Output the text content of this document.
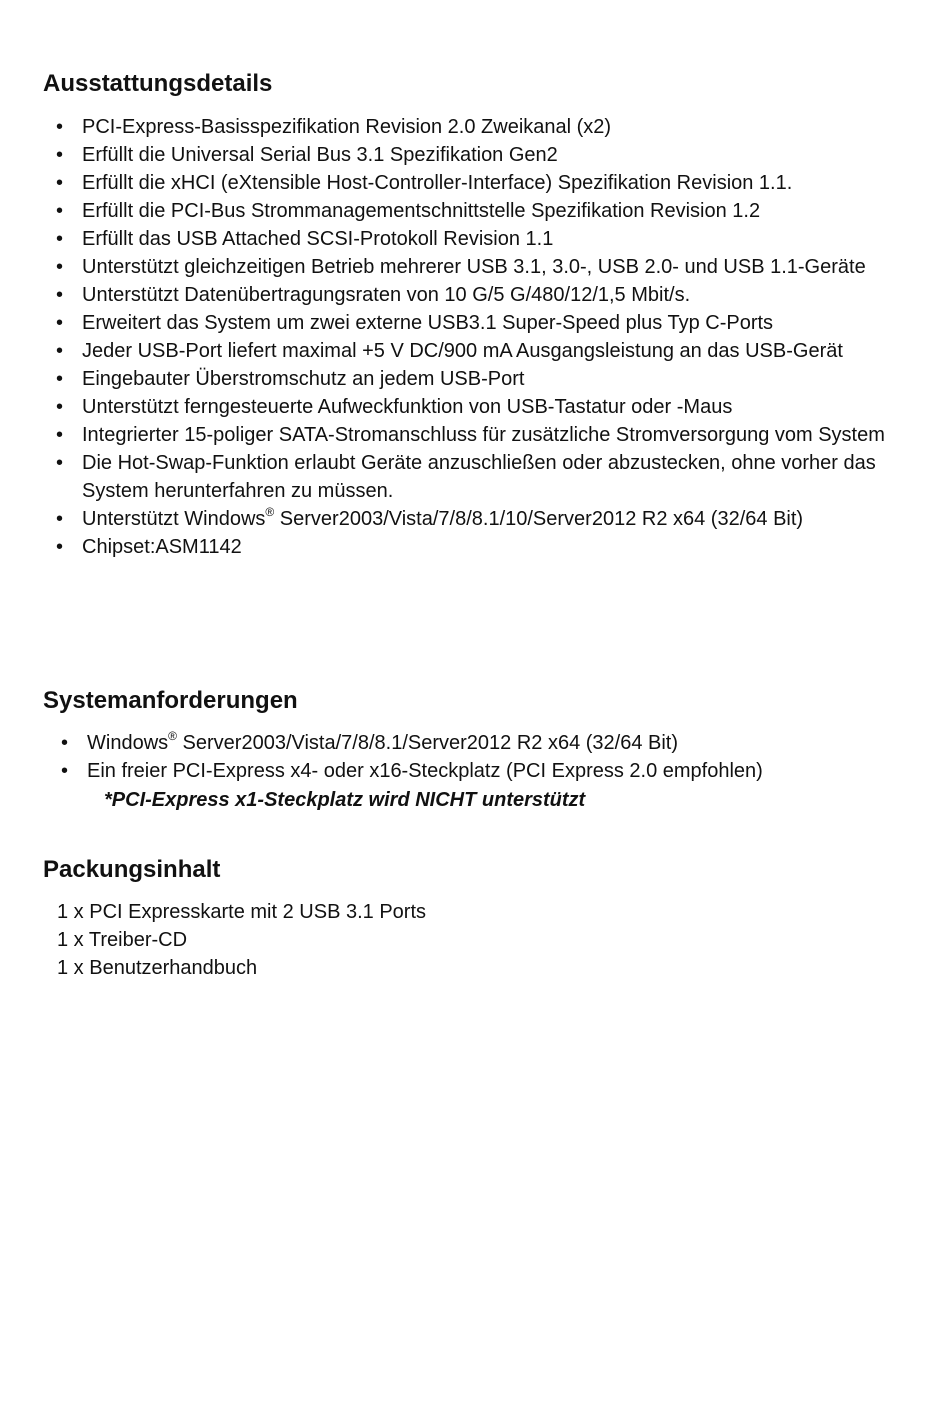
Ausstattungsdetails
• PCI-Express-Basisspezifikation Revision 2.0 Zweikanal (x2)
• Erfüllt die Universal Serial Bus 3.1 Spezifikation Gen2
• Erfüllt die xHCI (eXtensible Host-Controller-Interface) Spezifikation Revision 1.1.
• Erfüllt die PCI-Bus Strommanagementschnittstelle Spezifikation Revision 1.2
• Erfüllt das USB Attached SCSI-Protokoll Revision 1.1
• Unterstützt gleichzeitigen Betrieb mehrerer USB 3.1, 3.0-, USB 2.0- und USB 1.1-Geräte
• Unterstützt Datenübertragungsraten von 10 G/5 G/480/12/1,5 Mbit/s.
• Erweitert das System um zwei externe USB3.1 Super-Speed plus Typ C-Ports
• Jeder USB-Port liefert maximal +5 V DC/900 mA Ausgangsleistung an das USB-Gerät
• Eingebauter Überstromschutz an jedem USB-Port
• Unterstützt ferngesteuerte Aufweckfunktion von USB-Tastatur oder -Maus
• Integrierter 15-poliger SATA-Stromanschluss für zusätzliche Stromversorgung vom System
• Die Hot-Swap-Funktion erlaubt Geräte anzuschließen oder abzustecken, ohne vorher das System herunterfahren zu müssen.
• Unterstützt Windows® Server2003/Vista/7/8/8.1/10/Server2012 R2 x64 (32/64 Bit)
• Chipset:ASM1142
Systemanforderungen
• Windows® Server2003/Vista/7/8/8.1/Server2012 R2 x64 (32/64 Bit)
• Ein freier PCI-Express x4- oder x16-Steckplatz (PCI Express 2.0 empfohlen)
*PCI-Express x1-Steckplatz wird NICHT unterstützt
Packungsinhalt
1 x PCI Expresskarte mit 2 USB 3.1 Ports
1 x Treiber-CD
1 x Benutzerhandbuch
